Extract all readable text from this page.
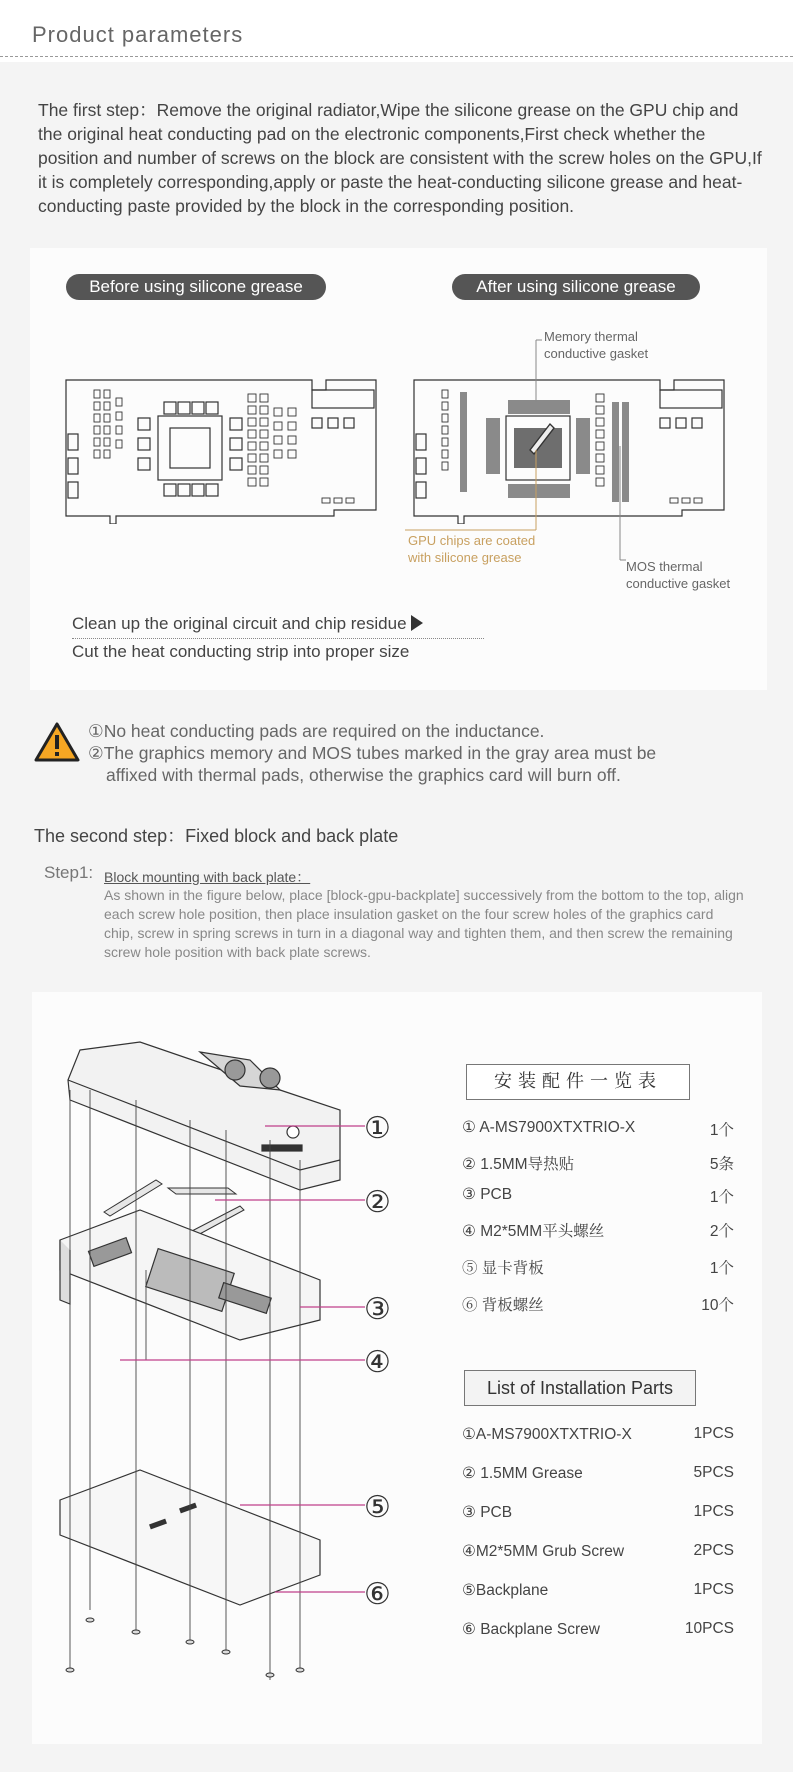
Product parameters
The first step：Remove the original radiator,Wipe the silicone grease on the GPU chip and the original heat conducting pad on the electronic components,First check whether the position and number of screws on the block are consistent with the screw holes on the GPU,If it is completely corresponding,apply or paste the heat-conducting silicone grease and heat-conducting paste provided by the block in the corresponding position.
Before using silicone grease	After using silicone grease
Memory thermal
conductive gasket
GPU chips are coated
with silicone grease
MOS thermal
conductive gasket
Clean up the original circuit and chip residue
Cut the heat conducting strip into proper size
①No heat conducting pads are required on the inductance.
②The graphics memory and MOS tubes marked in the gray area must be
affixed with thermal pads, otherwise the graphics card will burn off.
The second step：Fixed block and back plate
Step1: Block mounting with back plate：
As shown in the figure below, place [block-gpu-backplate] successively from the bottom to the top, align each screw hole position, then place insulation gasket on the four screw holes of the graphics card chip, screw in spring screws in turn in a diagonal way and tighten them, and then screw the remaining screw hole position with back plate screws.
①
②
③
④
⑤
⑥
安装配件一览表
① A-MS7900XTXTRIO-X	1个
② 1.5MM导热贴	5条
③ PCB	1个
④ M2*5MM平头螺丝	2个
⑤ 显卡背板	1个
⑥ 背板螺丝	10个
List of Installation Parts
①A-MS7900XTXTRIO-X	1PCS
② 1.5MM Grease	5PCS
③ PCB	1PCS
④M2*5MM Grub Screw	2PCS
⑤Backplane	1PCS
⑥ Backplane Screw	10PCS
